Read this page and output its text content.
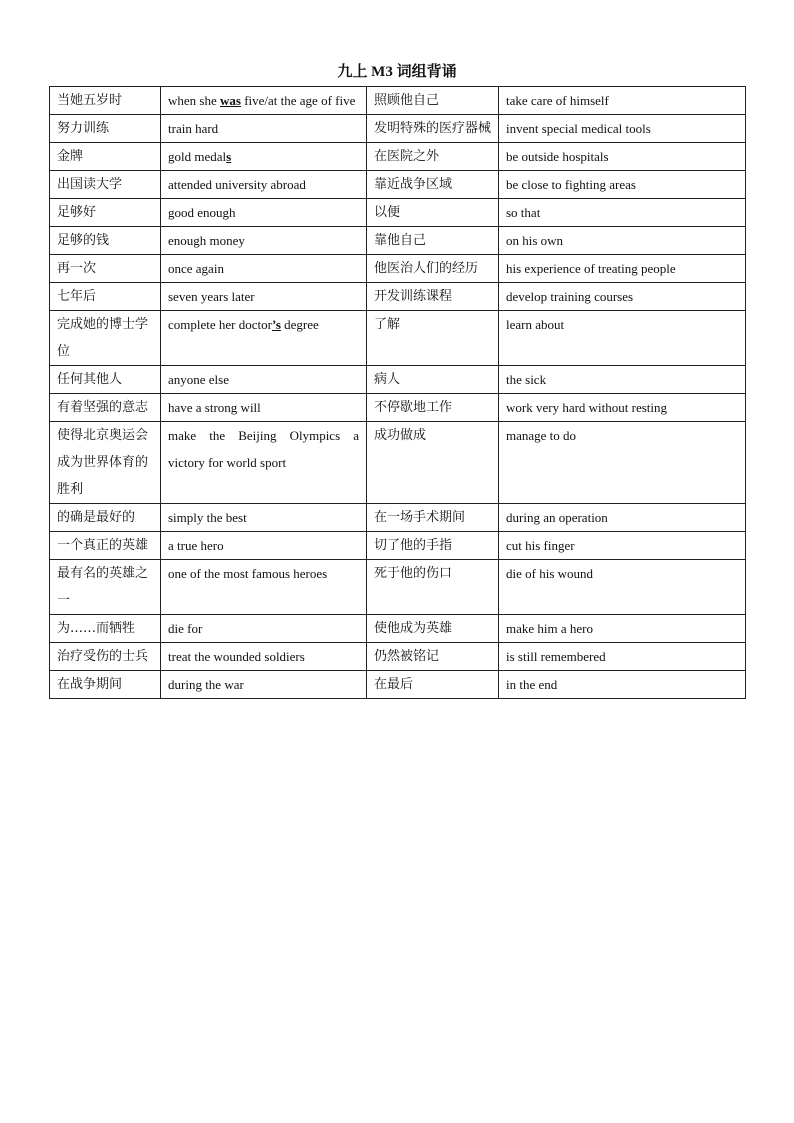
九上 M3 词组背诵
当她五岁时	when she was five/at the age of five	照顾他自己	take care of himself
努力训练	train hard	发明特殊的医疗器械	invent special medical tools
金牌	gold medals	在医院之外	be outside hospitals
出国读大学	attended university abroad	靠近战争区域	be close to fighting areas
足够好	good enough	以便	so that
足够的钱	enough money	靠他自己	on his own
再一次	once again	他医治人们的经历	his experience of treating people
七年后	seven years later	开发训练课程	develop training courses
完成她的博士学位	complete her doctor’s degree	了解	learn about
任何其他人	anyone else	病人	the sick
有着坚强的意志	have a strong will	不停歇地工作	work very hard without resting
使得北京奥运会成为世界体育的胜利	make the Beijing Olympics a victory for world sport	成功做成	manage to do
的确是最好的	simply the best	在一场手术期间	during an operation
一个真正的英雄	a true hero	切了他的手指	cut his finger
最有名的英雄之一	one of the most famous heroes	死于他的伤口	die of his wound
为……而牺牲	die for	使他成为英雄	make him a hero
治疗受伤的士兵	treat the wounded soldiers	仍然被铭记	is still remembered
在战争期间	during the war	在最后	in the end
